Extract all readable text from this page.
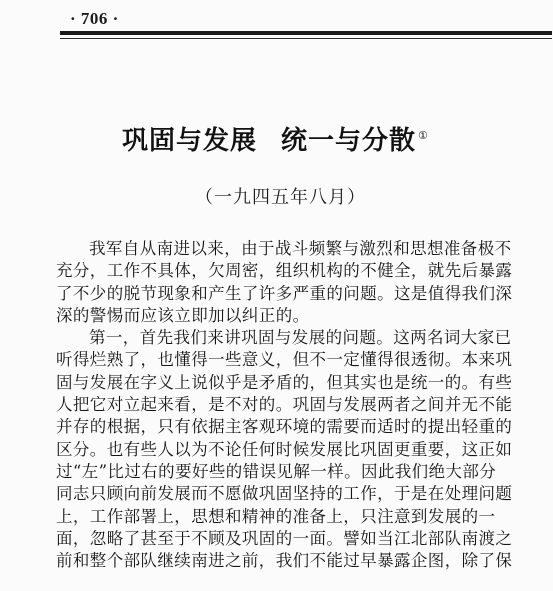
· 706 ·
巩固与发展 统一与分散 ①
（一九四五年八月）
我军自从南进以来，由于战斗频繁与激烈和思想准备极不
充分，工作不具体，欠周密，组织机构的不健全，就先后暴露
了不少的脱节现象和产生了许多严重的问题。这是值得我们深
深的警惕而应该立即加以纠正的。
第一，首先我们来讲巩固与发展的问题。这两名词大家已
听得烂熟了，也懂得一些意义，但不一定懂得很透彻。本来巩
固与发展在字义上说似乎是矛盾的，但其实也是统一的。有些
人把它对立起来看，是不对的。巩固与发展两者之间并无不能
并存的根据，只有依据主客观环境的需要而适时的提出轻重的
区分。也有些人以为不论任何时候发展比巩固更重要，这正如
过“左”比过右的要好些的错误见解一样。因此我们绝大部分
同志只顾向前发展而不愿做巩固坚持的工作，于是在处理问题
上，工作部署上，思想和精神的准备上，只注意到发展的一
面，忽略了甚至于不顾及巩固的一面。譬如当江北部队南渡之
前和整个部队继续南进之前，我们不能过早暴露企图，除了保
